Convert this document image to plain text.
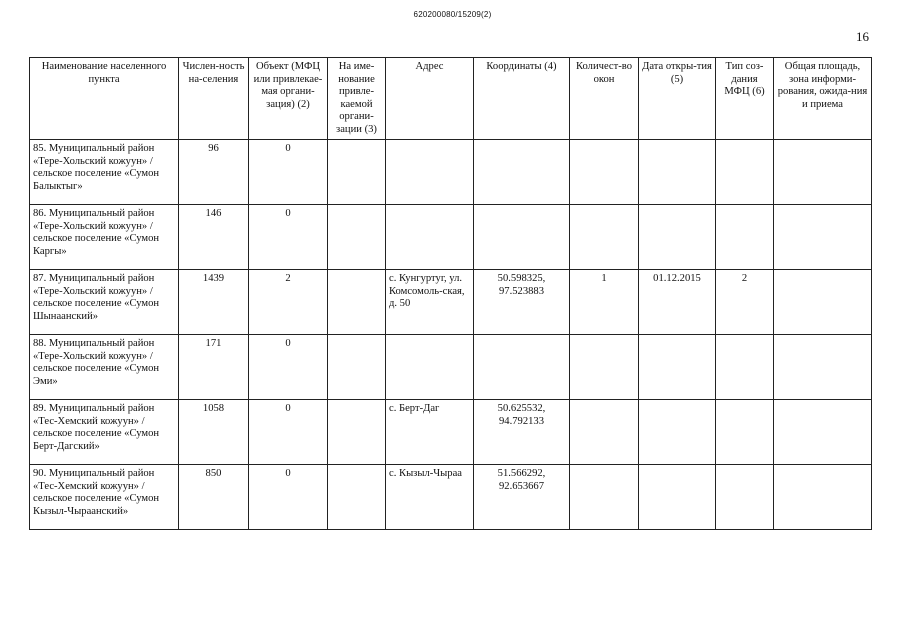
620200080/15209(2)
16
Наименование населенного пункта	Числен-ность на-селения	Объект (МФЦ или привлекае-мая органи-зация) (2)	На име-нование привле-каемой органи-зации (3)	Адрес	Координаты (4)	Количест-во окон	Дата откры-тия (5)	Тип соз-дания МФЦ (6)	Общая площадь, зона информи-рования, ожида-ния и приема
85. Муниципальный район «Тере-Хольский кожуун» / сельское поселение «Сумон Балыктыг»	96	0							
86. Муниципальный район «Тере-Хольский кожуун» / сельское поселение «Сумон Каргы»	146	0							
87. Муниципальный район «Тере-Хольский кожуун» / сельское поселение «Сумон Шынаанский»	1439	2		с. Кунгуртуг, ул. Комсомоль-ская, д. 50	50.598325, 97.523883	1	01.12.2015	2	
88. Муниципальный район «Тере-Хольский кожуун» / сельское поселение «Сумон Эми»	171	0							
89. Муниципальный район «Тес-Хемский кожуун» / сельское поселение «Сумон Берт-Дагский»	1058	0		с. Берт-Даг	50.625532, 94.792133				
90. Муниципальный район «Тес-Хемский кожуун» / сельское поселение «Сумон Кызыл-Чыраанский»	850	0		с. Кызыл-Чыраа	51.566292, 92.653667				
